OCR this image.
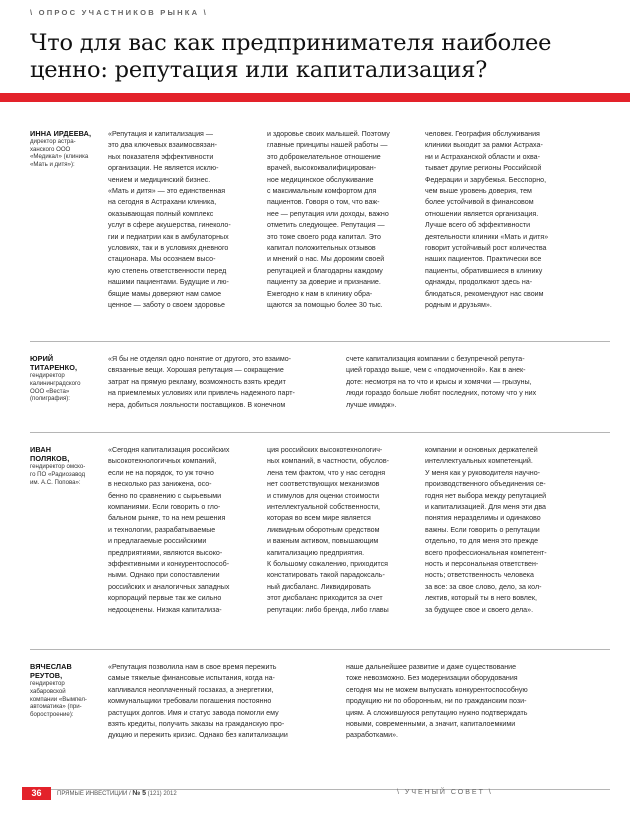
\ ОПРОС УЧАСТНИКОВ РЫНКА \
Что для вас как предпринимателя наиболее
ценно: репутация или капитализация?
ИННА ИРДЕЕВА,
директор астра-
ханского ООО
«Медикал» (клиника
«Мать и дитя»):
«Репутация и капитализация —
это два ключевых взаимосвязан-
ных показателя эффективности
организации. Не является исклю-
чением и медицинский бизнес.
«Мать и дитя» — это единственная
на сегодня в Астрахани клиника,
оказывающая полный комплекс
услуг в сфере акушерства, гинеколо-
гии и педиатрии как в амбулаторных
условиях, так и в условиях дневного
стационара. Мы осознаем высо-
кую степень ответственности перед
нашими пациентами. Будущие и лю-
бящие мамы доверяют нам самое
ценное — заботу о своем здоровье
и здоровье своих малышей. Поэтому
главные принципы нашей работы —
это доброжелательное отношение
врачей, высококвалифицирован-
ное медицинское обслуживание
с максимальным комфортом для
пациентов. Говоря о том, что важ-
нее — репутация или доходы, важно
отметить следующее. Репутация —
это тоже своего рода капитал. Это
капитал положительных отзывов
и мнений о нас. Мы дорожим своей
репутацией и благодарны каждому
пациенту за доверие и признание.
Ежегодно к нам в клинику обра-
щаются за помощью более 30 тыс.
человек. География обслуживания
клиники выходит за рамки Астраха-
ни и Астраханской области и охва-
тывает другие регионы Российской
Федерации и зарубежья. Бесспорно,
чем выше уровень доверия, тем
более устойчивой в финансовом
отношении является организация.
Лучше всего об эффективности
деятельности клиники «Мать и дитя»
говорит устойчивый рост количества
наших пациентов. Практически все
пациенты, обратившиеся в клинику
однажды, продолжают здесь на-
блюдаться, рекомендуют нас своим
родным и друзьям».
ЮРИЙ
ТИТАРЕНКО,
гендиректор
калининградского
ООО «Веста»
(полиграфия):
«Я бы не отделял одно понятие от другого, это взаимо-
связанные вещи. Хорошая репутация — сокращение
затрат на прямую рекламу, возможность взять кредит
на приемлемых условиях или привлечь надежного парт-
нера, добиться лояльности поставщиков. В конечном
счете капитализация компании с безупречной репута-
цией гораздо выше, чем с «подмоченной». Как в анек-
доте: несмотря на то что и крысы и хомячки — грызуны,
люди гораздо больше любят последних, потому что у них
лучше имидж».
ИВАН
ПОЛЯКОВ,
гендиректор омско-
го ПО «Радиозавод
им. А.С. Попова»:
«Сегодня капитализация российских
высокотехнологичных компаний,
если не на порядок, то уж точно
в несколько раз занижена, осо-
бенно по сравнению с сырьевыми
компаниями. Если говорить о гло-
бальном рынке, то на нем решения
и технологии, разрабатываемые
и предлагаемые российскими
предприятиями, являются высоко-
эффективными и конкурентоспособ-
ными. Однако при сопоставлении
российских и аналогичных западных
корпораций первые так же сильно
недооценены. Низкая капитализа-
ция российских высокотехнологич-
ных компаний, в частности, обуслов-
лена тем фактом, что у нас сегодня
нет соответствующих механизмов
и стимулов для оценки стоимости
интеллектуальной собственности,
которая во всем мире является
ликвидным оборотным средством
и важным активом, повышающим
капитализацию предприятия.
К большому сожалению, приходится
констатировать такой парадоксаль-
ный дисбаланс. Ликвидировать
этот дисбаланс приходится за счет
репутации: либо бренда, либо главы
компании и основных держателей
интеллектуальных компетенций.
У меня как у руководителя научно-
производственного объединения се-
годня нет выбора между репутацией
и капитализацией. Для меня эти два
понятия неразделимы и одинаково
важны. Если говорить о репутации
отдельно, то для меня это прежде
всего профессиональная компетент-
ность и персональная ответствен-
ность; ответственность человека
за все: за свое слово, дело, за кол-
лектив, который ты в него вовлек,
за будущее свое и своего дела».
ВЯЧЕСЛАВ
РЕУТОВ,
гендиректор
хабаровской
компании «Вымпел-
автоматика» (при-
боростроение):
«Репутация позволила нам в свое время пережить
самые тяжелые финансовые испытания, когда на-
капливался неоплаченный госзаказ, а энергетики,
коммунальщики требовали погашения постоянно
растущих долгов. Имя и статус завода помогли ему
взять кредиты, получить заказы на гражданскую про-
дукцию и пережить кризис. Однако без капитализации
наше дальнейшее развитие и даже существование
тоже невозможно. Без модернизации оборудования
сегодня мы не можем выпускать конкурентоспособную
продукцию ни по оборонным, ни по гражданским пози-
циям. А сложившуюся репутацию нужно подтверждать
новыми, современными, а значит, капиталоемкими
разработками».
36	ПРЯМЫЕ ИНВЕСТИЦИИ / № 5 (121) 2012	\ УЧЕНЫЙ СОВЕТ \
